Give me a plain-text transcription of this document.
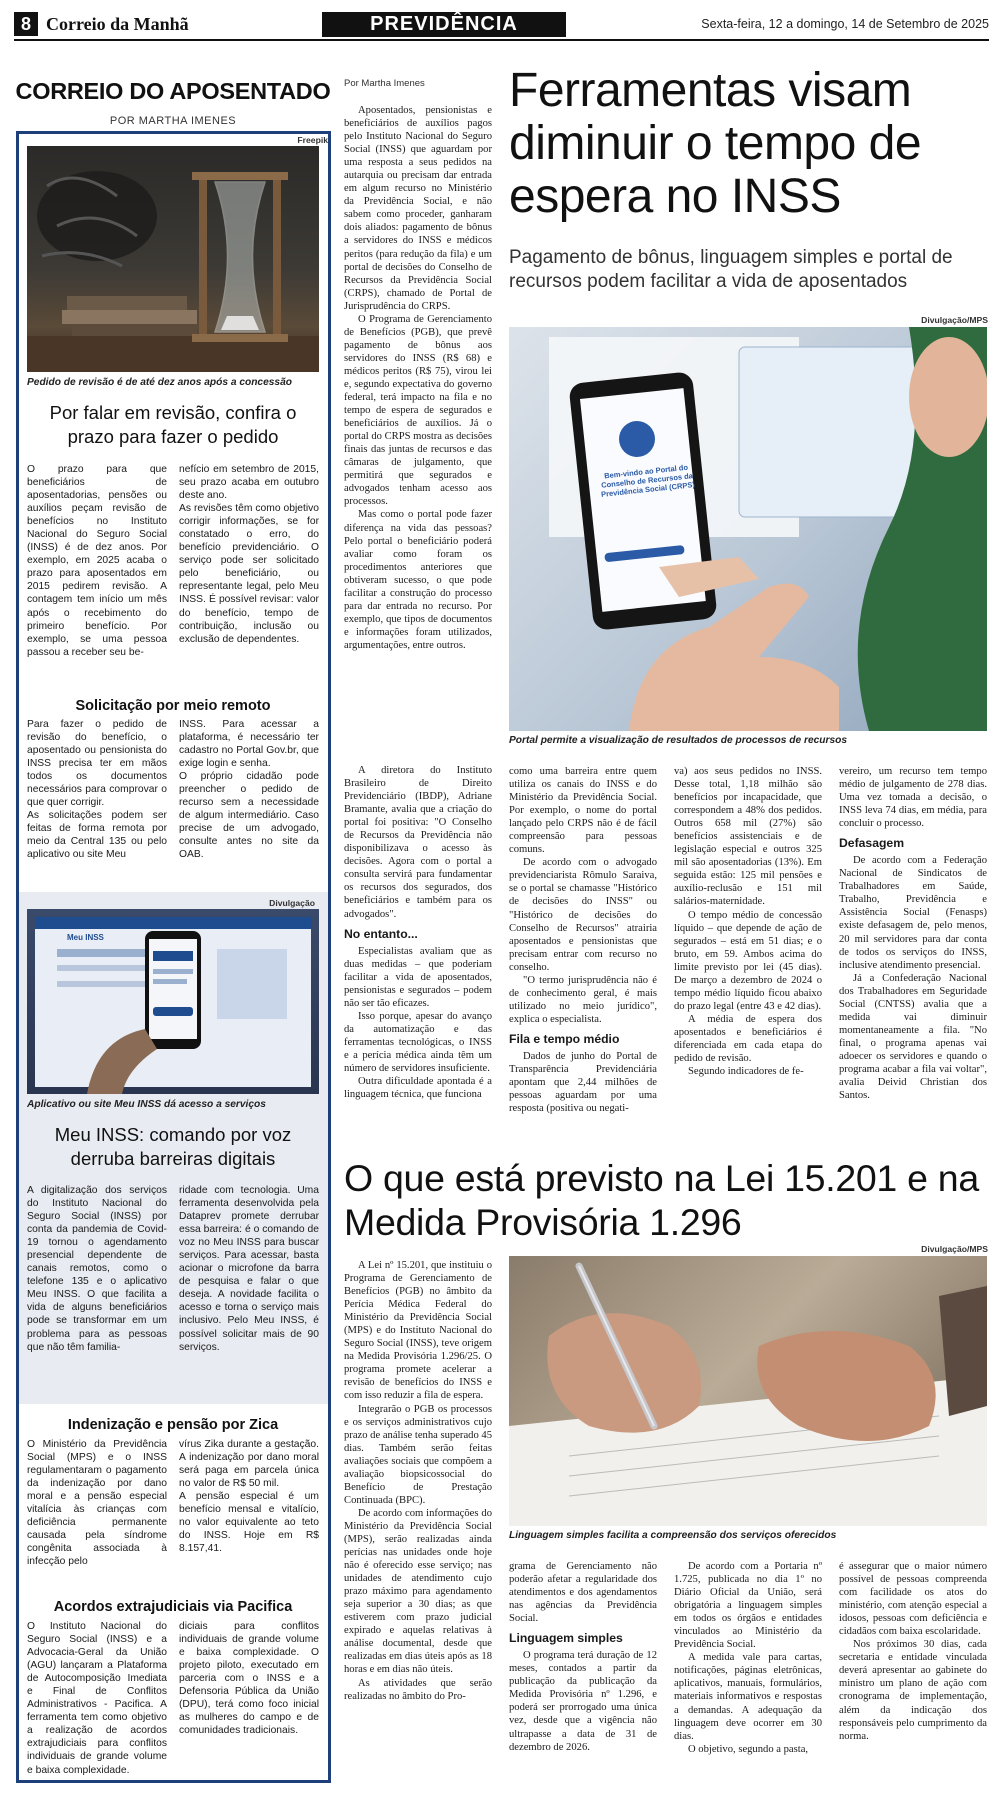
8 Correio da Manhã	PREVIDÊNCIA	Sexta-feira, 12 a domingo, 14 de Setembro de 2025
CORREIO DO APOSENTADO
POR MARTHA IMENES
Freepik
Pedido de revisão é de até dez anos após a concessão
Por falar em revisão, confira o prazo para fazer o pedido

O prazo para que beneficiários de aposentadorias, pensões ou auxílios peçam revisão de benefícios no Instituto Nacional do Seguro Social (INSS) é de dez anos. Por exemplo, em 2025 acaba o prazo para aposentados em 2015 pedirem revisão. A contagem tem início um mês após o recebimento do primeiro benefício. Por exemplo, se uma pessoa passou a receber seu be-

nefício em setembro de 2015, seu prazo acaba em outubro deste ano.

As revisões têm como objetivo corrigir informações, se for constatado o erro, do benefício previdenciário. O serviço pode ser solicitado pelo beneficiário, ou representante legal, pelo Meu INSS. É possível revisar: valor do benefício, tempo de contribuição, inclusão ou exclusão de dependentes.

Solicitação por meio remoto

Para fazer o pedido de revisão do benefício, o aposentado ou pensionista do INSS precisa ter em mãos todos os documentos necessários para comprovar o que quer corrigir.

As solicitações podem ser feitas de forma remota por meio da Central 135 ou pelo aplicativo ou site Meu

INSS. Para acessar a plataforma, é necessário ter cadastro no Portal Gov.br, que exige login e senha.

O próprio cidadão pode preencher o pedido de recurso sem a necessidade de algum intermediário. Caso precise de um advogado, consulte antes no site da OAB.

Divulgação
Meu INSS
Aplicativo ou site Meu INSS dá acesso a serviços
Meu INSS: comando por voz derruba barreiras digitais

A digitalização dos serviços do Instituto Nacional do Seguro Social (INSS) por conta da pandemia de Covid-19 tornou o agendamento presencial dependente de canais remotos, como o telefone 135 e o aplicativo Meu INSS. O que facilita a vida de alguns beneficiários pode se transformar em um problema para as pessoas que não têm familia-

ridade com tecnologia. Uma ferramenta desenvolvida pela Dataprev promete derrubar essa barreira: é o comando de voz no Meu INSS para buscar serviços. Para acessar, basta acionar o microfone da barra de pesquisa e falar o que deseja. A novidade facilita o acesso e torna o serviço mais inclusivo. Pelo Meu INSS, é possível solicitar mais de 90 serviços.

Indenização e pensão por Zica

O Ministério da Previdência Social (MPS) e o INSS regulamentaram o pagamento da indenização por dano moral e a pensão especial vitalícia às crianças com deficiência permanente causada pela síndrome congênita associada à infecção pelo

vírus Zika durante a gestação. A indenização por dano moral será paga em parcela única no valor de R$ 50 mil.

A pensão especial é um benefício mensal e vitalício, no valor equivalente ao teto do INSS. Hoje em R$ 8.157,41.

Acordos extrajudiciais via Pacifica

O Instituto Nacional do Seguro Social (INSS) e a Advocacia-Geral da União (AGU) lançaram a Plataforma de Autocomposição Imediata e Final de Conflitos Administrativos - Pacifica. A ferramenta tem como objetivo a realização de acordos extrajudiciais para conflitos individuais de grande volume e baixa complexidade.

diciais para conflitos individuais de grande volume e baixa complexidade. O projeto piloto, executado em parceria com o INSS e a Defensoria Pública da União (DPU), terá como foco inicial as mulheres do campo e de comunidades tradicionais.

Por Martha Imenes

Aposentados, pensionistas e beneficiários de auxílios pagos pelo Instituto Nacional do Seguro Social (INSS) que aguardam por uma resposta a seus pedidos na autarquia ou precisam dar entrada em algum recurso no Ministério da Previdência Social, e não sabem como proceder, ganharam dois aliados: pagamento de bônus a servidores do INSS e médicos peritos (para redução da fila) e um portal de decisões do Conselho de Recursos da Previdência Social (CRPS), chamado de Portal de Jurisprudência do CRPS.

O Programa de Gerenciamento de Benefícios (PGB), que prevê pagamento de bônus aos servidores do INSS (R$ 68) e médicos peritos (R$ 75), virou lei e, segundo expectativa do governo federal, terá impacto na fila e no tempo de espera de segurados e beneficiários de auxílios. Já o portal do CRPS mostra as decisões finais das juntas de recursos e das câmaras de julgamento, que permitirá que segurados e advogados tenham acesso aos processos.

Mas como o portal pode fazer diferença na vida das pessoas? Pelo portal o beneficiário poderá avaliar como foram os procedimentos anteriores que obtiveram sucesso, o que pode facilitar a construção do processo para dar entrada no recurso. Por exemplo, que tipos de documentos e informações foram utilizados, argumentações, entre outros.

Ferramentas visam diminuir o tempo de espera no INSS
Pagamento de bônus, linguagem simples e portal de recursos podem facilitar a vida de aposentados
Divulgação/MPS
Bem-vindo ao Portal do Conselho de Recursos da Previdência Social (CRPS)
Portal permite a visualização de resultados de processos de recursos

A diretora do Instituto Brasileiro de Direito Previdenciário (IBDP), Adriane Bramante, avalia que a criação do portal foi positiva: "O Conselho de Recursos da Previdência não disponibilizava o acesso às decisões. Agora com o portal a consulta servirá para fundamentar os recursos dos segurados, dos beneficiários e também para os advogados".

No entanto...

Especialistas avaliam que as duas medidas – que poderiam facilitar a vida de aposentados, pensionistas e segurados – podem não ser tão eficazes.

Isso porque, apesar do avanço da automatização e das ferramentas tecnológicas, o INSS e a perícia médica ainda têm um número de servidores insuficiente.

Outra dificuldade apontada é a linguagem técnica, que funciona

como uma barreira entre quem utiliza os canais do INSS e do Ministério da Previdência Social. Por exemplo, o nome do portal lançado pelo CRPS não é de fácil compreensão para pessoas comuns.

De acordo com o advogado previdenciarista Rômulo Saraiva, se o portal se chamasse "Histórico de decisões do INSS" ou "Histórico de decisões do Conselho de Recursos" atrairia aposentados e pensionistas que precisam entrar com recurso no conselho.

"O termo jurisprudência não é de conhecimento geral, é mais utilizado no meio jurídico", explica o especialista.

Fila e tempo médio

Dados de junho do Portal de Transparência Previdenciária apontam que 2,44 milhões de pessoas aguardam por uma resposta (positiva ou negati-

va) aos seus pedidos no INSS. Desse total, 1,18 milhão são benefícios por incapacidade, que correspondem a 48% dos pedidos. Outros 658 mil (27%) são benefícios assistenciais e de legislação especial e outros 325 mil são aposentadorias (13%). Em seguida estão: 125 mil pensões e auxílio-reclusão e 151 mil salários-maternidade.

O tempo médio de concessão líquido – que depende de ação de segurados – está em 51 dias; e o bruto, em 59. Ambos acima do limite previsto por lei (45 dias). De março a dezembro de 2024 o tempo médio líquido ficou abaixo do prazo legal (entre 43 e 42 dias).

A média de espera dos aposentados e beneficiários é diferenciada em cada etapa do pedido de revisão.

Segundo indicadores de fe-

vereiro, um recurso tem tempo médio de julgamento de 278 dias. Uma vez tomada a decisão, o INSS leva 74 dias, em média, para concluir o processo.

Defasagem

De acordo com a Federação Nacional de Sindicatos de Trabalhadores em Saúde, Trabalho, Previdência e Assistência Social (Fenasps) existe defasagem de, pelo menos, 20 mil servidores para dar conta de todos os serviços do INSS, inclusive atendimento presencial.

Já a Confederação Nacional dos Trabalhadores em Seguridade Social (CNTSS) avalia que a medida vai diminuir momentaneamente a fila. "No final, o programa apenas vai adoecer os servidores e quando o programa acabar a fila vai voltar", avalia Deivid Christian dos Santos.

O que está previsto na Lei 15.201 e na Medida Provisória 1.296
Divulgação/MPS
Linguagem simples facilita a compreensão dos serviços oferecidos

A Lei nº 15.201, que instituiu o Programa de Gerenciamento de Benefícios (PGB) no âmbito da Perícia Médica Federal do Ministério da Previdência Social (MPS) e do Instituto Nacional do Seguro Social (INSS), teve origem na Medida Provisória 1.296/25. O programa promete acelerar a revisão de benefícios do INSS e com isso reduzir a fila de espera.

Integrarão o PGB os processos e os serviços administrativos cujo prazo de análise tenha superado 45 dias. Também serão feitas avaliações sociais que compõem a avaliação biopsicossocial do Benefício de Prestação Continuada (BPC).

De acordo com informações do Ministério da Previdência Social (MPS), serão realizadas ainda perícias nas unidades onde hoje não é oferecido esse serviço; nas unidades de atendimento cujo prazo máximo para agendamento seja superior a 30 dias; as que estiverem com prazo judicial expirado e aquelas relativas à análise documental, desde que realizadas em dias úteis após as 18 horas e em dias não úteis.

As atividades que serão realizadas no âmbito do Pro-

grama de Gerenciamento não poderão afetar a regularidade dos atendimentos e dos agendamentos nas agências da Previdência Social.

Linguagem simples

O programa terá duração de 12 meses, contados a partir da publicação da publicação da Medida Provisória nº 1.296, e poderá ser prorrogado uma única vez, desde que a vigência não ultrapasse a data de 31 de dezembro de 2026.

De acordo com a Portaria nº 1.725, publicada no dia 1º no Diário Oficial da União, será obrigatória a linguagem simples em todos os órgãos e entidades vinculados ao Ministério da Previdência Social.

A medida vale para cartas, notificações, páginas eletrônicas, aplicativos, manuais, formulários, materiais informativos e respostas a demandas. A adequação da linguagem deve ocorrer em 30 dias.

O objetivo, segundo a pasta,

é assegurar que o maior número possível de pessoas compreenda com facilidade os atos do ministério, com atenção especial a idosos, pessoas com deficiência e cidadãos com baixa escolaridade.

Nos próximos 30 dias, cada secretaria e entidade vinculada deverá apresentar ao gabinete do ministro um plano de ação com cronograma de implementação, além da indicação dos responsáveis pelo cumprimento da norma.
